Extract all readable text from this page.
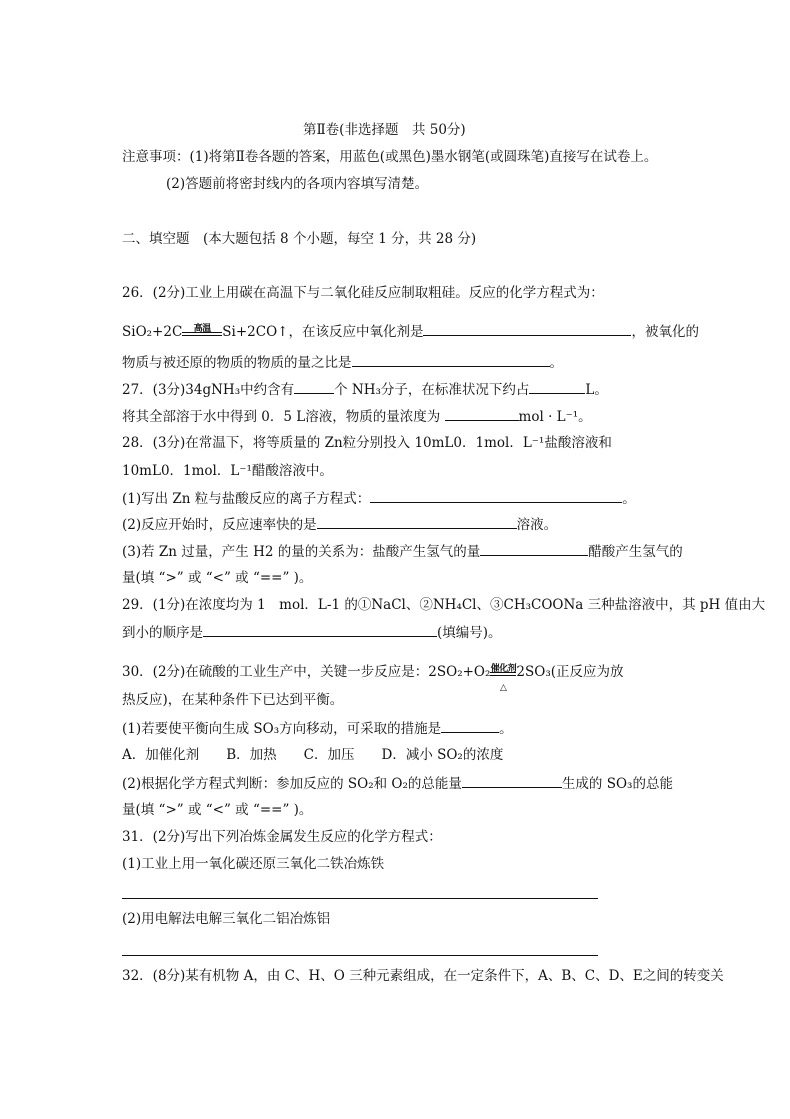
第Ⅱ卷(非选择题　共 50分)
注意事项：(1)将第Ⅱ卷各题的答案，用蓝色(或黑色)墨水钢笔(或圆珠笔)直接写在试卷上。
(2)答题前将密封线内的各项内容填写清楚。
二、填空题　(本大题包括 8 个小题，每空 1 分，共 28 分)
26．(2分)工业上用碳在高温下与二氧化硅反应制取粗硅。反应的化学方程式为：
SiO₂+2C	高温 Si+2CO↑，在该反应中氧化剂是	，被氧化的
物质与被还原的物质的物质的量之比是	。
27．(3分)34gNH₃中约含有	个 NH₃分子，在标准状况下约占	L。
将其全部溶于水中得到 0．5 L溶液，物质的量浓度为	mol · L⁻¹。
28．(3分)在常温下，将等质量的 Zn粒分别投入 10mL0．1mol．L⁻¹盐酸溶液和
10mL0．1mol．L⁻¹醋酸溶液中。
(1)写出 Zn 粒与盐酸反应的离子方程式：	。
(2)反应开始时，反应速率快的是	溶液。
(3)若 Zn 过量，产生 H2 的量的关系为：盐酸产生氢气的量	醋酸产生氢气的
量(填 “>” 或 “<” 或 “==” )。
29．(1分)在浓度均为 1　mol．L-1 的①NaCl、②NH₄Cl、③CH₃COONa 三种盐溶液中，其 pH 值由大
到小的顺序是	(填编号)。
30．(2分)在硫酸的工业生产中，关键一步反应是：2SO₂+O₂ 催化剂
△
2SO₃(正反应为放
热反应)，在某种条件下已达到平衡。
(1)若要使平衡向生成 SO₃方向移动，可采取的措施是	。
A．加催化剂　　B．加热　　C．加压　　D．减小 SO₂的浓度
(2)根据化学方程式判断：参加反应的 SO₂和 O₂的总能量	生成的 SO₃的总能
量(填 “>” 或 “<” 或 “==” )。
31．(2分)写出下列冶炼金属发生反应的化学方程式：
(1)工业上用一氧化碳还原三氧化二铁冶炼铁
(2)用电解法电解三氧化二铝冶炼铝
32．(8分)某有机物 A，由 C、H、O 三种元素组成，在一定条件下，A、B、C、D、E之间的转变关
